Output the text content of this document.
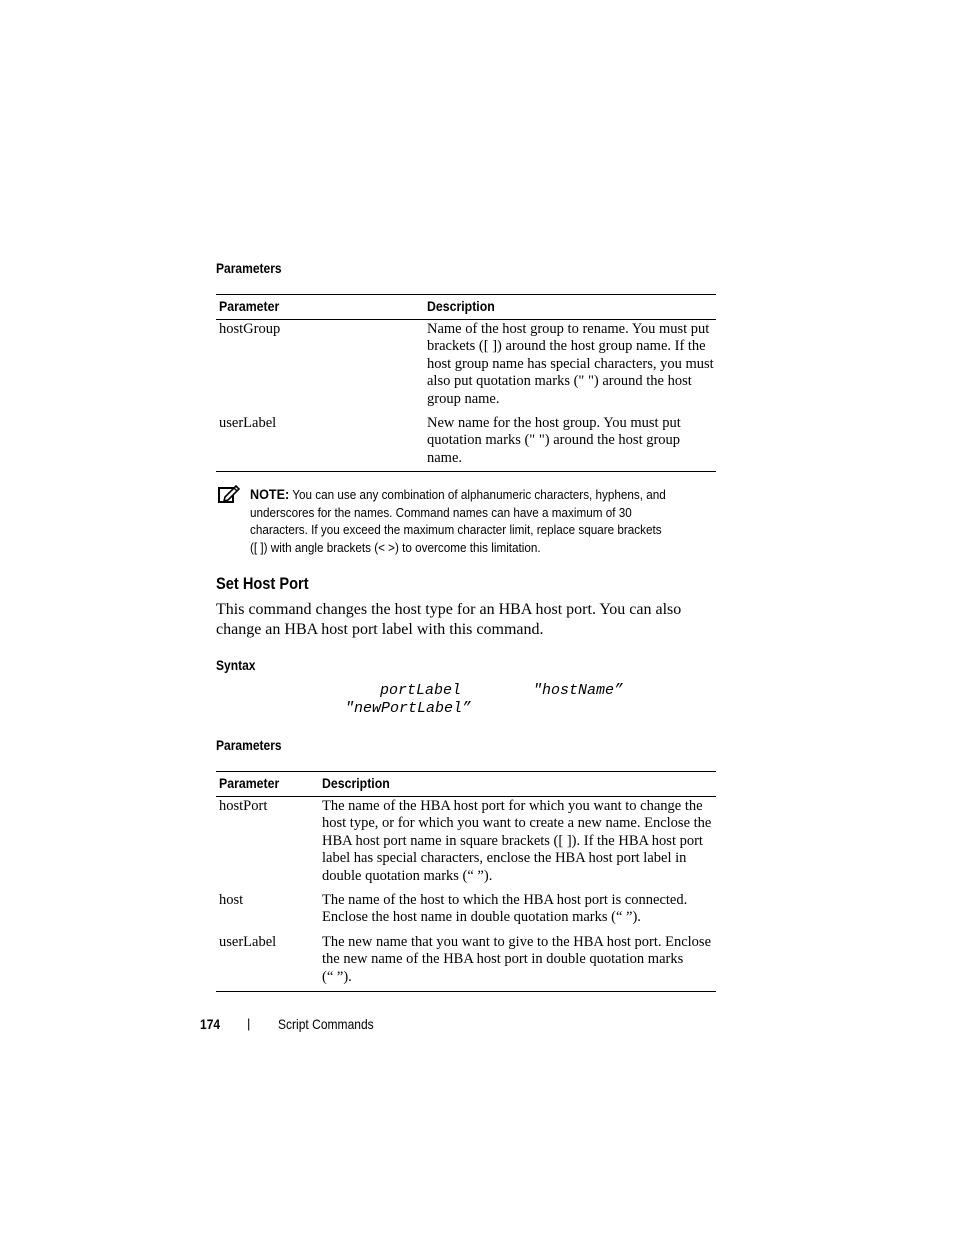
Parameters
Parameter	Description
hostGroup	Name of the host group to rename. You must put
brackets ([ ]) around the host group name. If the
host group name has special characters, you must
also put quotation marks (" ") around the host
group name.
userLabel	New name for the host group. You must put
quotation marks (" ") around the host group
name.
NOTE: You can use any combination of alphanumeric characters, hyphens, and
underscores for the names. Command names can have a maximum of 30
characters. If you exceed the maximum character limit, replace square brackets
([ ]) with angle brackets (< >) to overcome this limitation.
Set Host Port
This command changes the host type for an HBA host port. You can also
change an HBA host port label with this command.
Syntax
portLabel	"hostName”
"newPortLabel”
Parameters
Parameter	Description
hostPort	The name of the HBA host port for which you want to change the
host type, or for which you want to create a new name. Enclose the
HBA host port name in square brackets ([ ]). If the HBA host port
label has special characters, enclose the HBA host port label in
double quotation marks (“ ”).
host	The name of the host to which the HBA host port is connected.
Enclose the host name in double quotation marks (“ ”).
userLabel	The new name that you want to give to the HBA host port. Enclose
the new name of the HBA host port in double quotation marks
(“ ”).
174 | Script Commands
